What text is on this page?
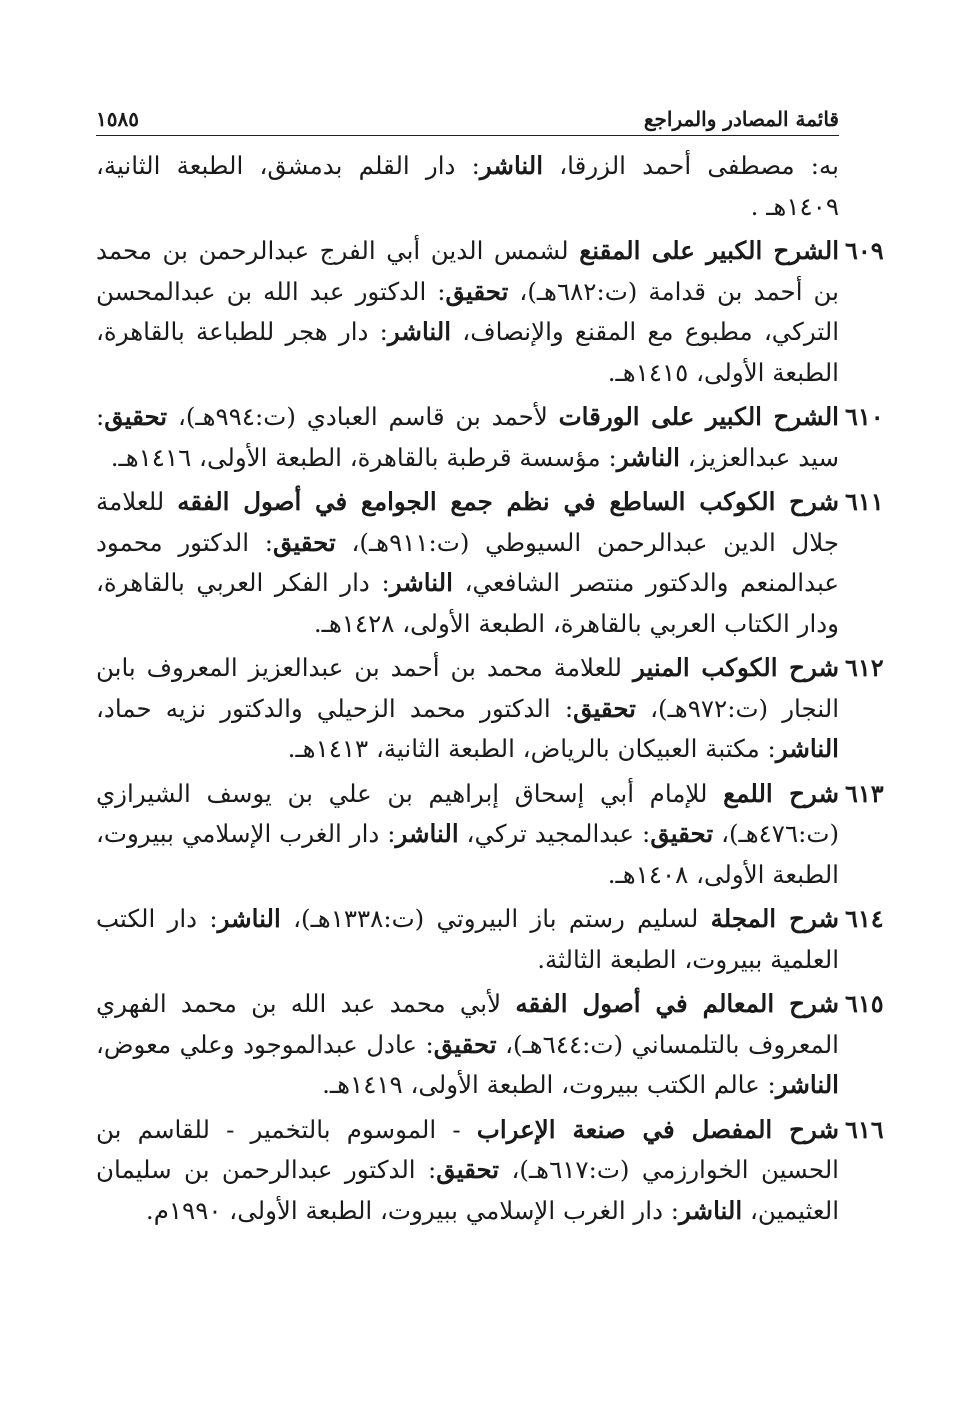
قائمة المصادر والمراجع
١٥٨٥

به: مصطفى أحمد الزرقا، الناشر: دار القلم بدمشق، الطبعة الثانية، ١٤٠٩هـ .

٦٠٩
الشرح الكبير على المقنع لشمس الدين أبي الفرج عبدالرحمن بن محمد بن أحمد بن قدامة (ت:٦٨٢هـ)، تحقيق: الدكتور عبد الله بن عبدالمحسن التركي، مطبوع مع المقنع والإنصاف، الناشر: دار هجر للطباعة بالقاهرة، الطبعة الأولى، ١٤١٥هـ.

٦١٠
الشرح الكبير على الورقات لأحمد بن قاسم العبادي (ت:٩٩٤هـ)، تحقيق: سيد عبدالعزيز، الناشر: مؤسسة قرطبة بالقاهرة، الطبعة الأولى، ١٤١٦هـ.

٦١١
شرح الكوكب الساطع في نظم جمع الجوامع في أصول الفقه للعلامة جلال الدين عبدالرحمن السيوطي (ت:٩١١هـ)، تحقيق: الدكتور محمود عبدالمنعم والدكتور منتصر الشافعي، الناشر: دار الفكر العربي بالقاهرة، ودار الكتاب العربي بالقاهرة، الطبعة الأولى، ١٤٢٨هـ.

٦١٢
شرح الكوكب المنير للعلامة محمد بن أحمد بن عبدالعزيز المعروف بابن النجار (ت:٩٧٢هـ)، تحقيق: الدكتور محمد الزحيلي والدكتور نزيه حماد، الناشر: مكتبة العبيكان بالرياض، الطبعة الثانية، ١٤١٣هـ.

٦١٣
شرح اللمع للإمام أبي إسحاق إبراهيم بن علي بن يوسف الشيرازي (ت:٤٧٦هـ)، تحقيق: عبدالمجيد تركي، الناشر: دار الغرب الإسلامي ببيروت، الطبعة الأولى، ١٤٠٨هـ.

٦١٤
شرح المجلة لسليم رستم باز البيروتي (ت:١٣٣٨هـ)، الناشر: دار الكتب العلمية ببيروت، الطبعة الثالثة.

٦١٥
شرح المعالم في أصول الفقه لأبي محمد عبد الله بن محمد الفهري المعروف بالتلمساني (ت:٦٤٤هـ)، تحقيق: عادل عبدالموجود وعلي معوض، الناشر: عالم الكتب ببيروت، الطبعة الأولى، ١٤١٩هـ.

٦١٦
شرح المفصل في صنعة الإعراب - الموسوم بالتخمير - للقاسم بن الحسين الخوارزمي (ت:٦١٧هـ)، تحقيق: الدكتور عبدالرحمن بن سليمان العثيمين، الناشر: دار الغرب الإسلامي ببيروت، الطبعة الأولى، ١٩٩٠م.
